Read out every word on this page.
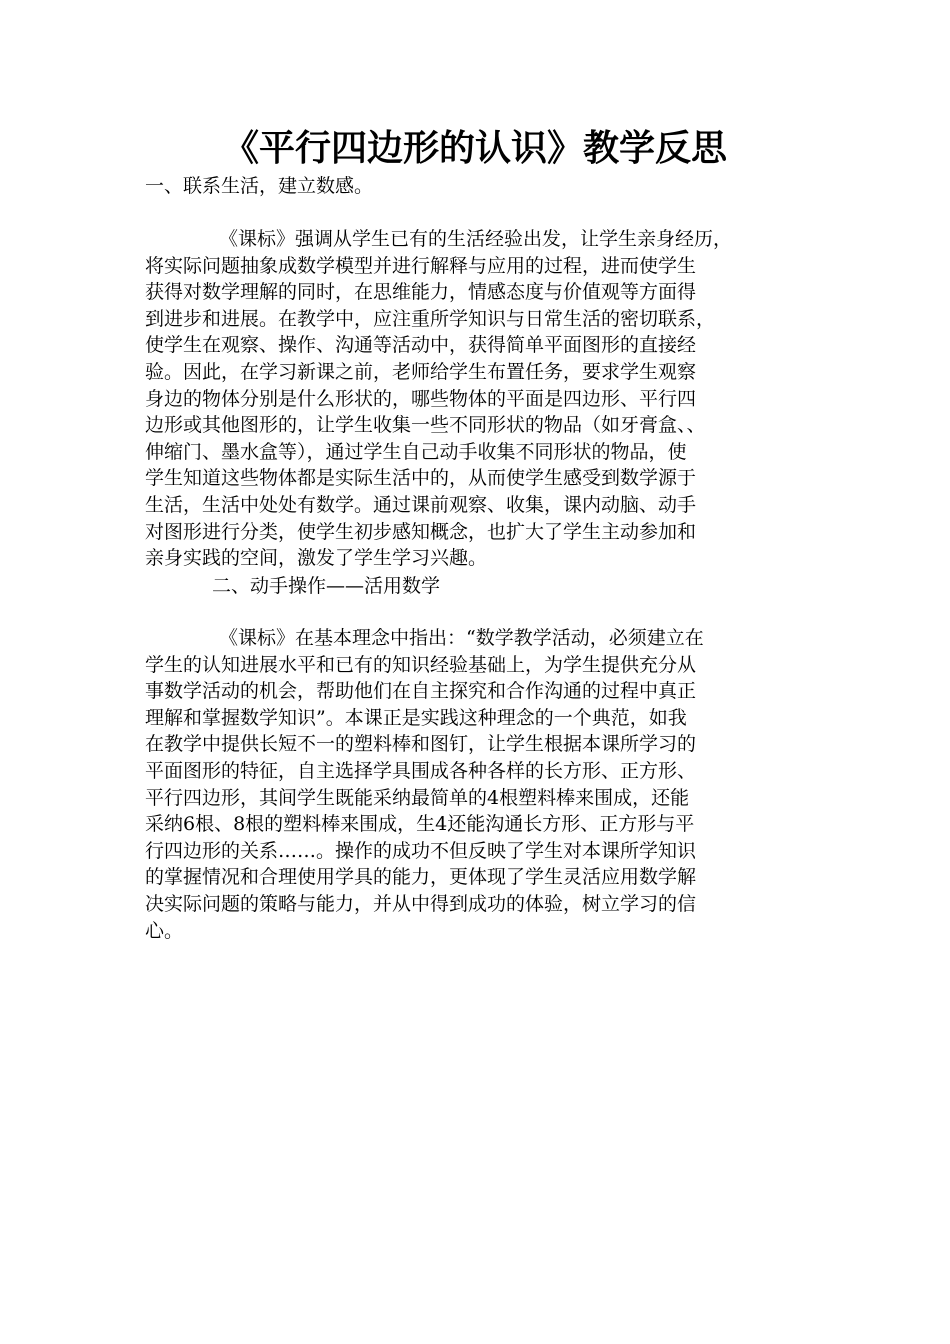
《平行四边形的认识》教学反思
一、联系生活，建立数感。
《课标》强调从学生已有的生活经验出发，让学生亲身经历，
将实际问题抽象成数学模型并进行解释与应用的过程，进而使学生
获得对数学理解的同时，在思维能力，情感态度与价值观等方面得
到进步和进展。在教学中，应注重所学知识与日常生活的密切联系，
使学生在观察、操作、沟通等活动中，获得简单平面图形的直接经
验。因此，在学习新课之前，老师给学生布置任务，要求学生观察
身边的物体分别是什么形状的，哪些物体的平面是四边形、平行四
边形或其他图形的，让学生收集一些不同形状的物品（如牙膏盒、、
伸缩门、墨水盒等），通过学生自己动手收集不同形状的物品，使
学生知道这些物体都是实际生活中的，从而使学生感受到数学源于
生活，生活中处处有数学。通过课前观察、收集，课内动脑、动手
对图形进行分类，使学生初步感知概念，也扩大了学生主动参加和
亲身实践的空间，激发了学生学习兴趣。
二、动手操作——活用数学
《课标》在基本理念中指出：“数学教学活动，必须建立在
学生的认知进展水平和已有的知识经验基础上，为学生提供充分从
事数学活动的机会，帮助他们在自主探究和合作沟通的过程中真正
理解和掌握数学知识”。本课正是实践这种理念的一个典范，如我
在教学中提供长短不一的塑料棒和图钉，让学生根据本课所学习的
平面图形的特征，自主选择学具围成各种各样的长方形、正方形、
平行四边形，其间学生既能采纳最简单的4根塑料棒来围成，还能
采纳6根、8根的塑料棒来围成，生4还能沟通长方形、正方形与平
行四边形的关系……。操作的成功不但反映了学生对本课所学知识
的掌握情况和合理使用学具的能力，更体现了学生灵活应用数学解
决实际问题的策略与能力，并从中得到成功的体验，树立学习的信
心。
